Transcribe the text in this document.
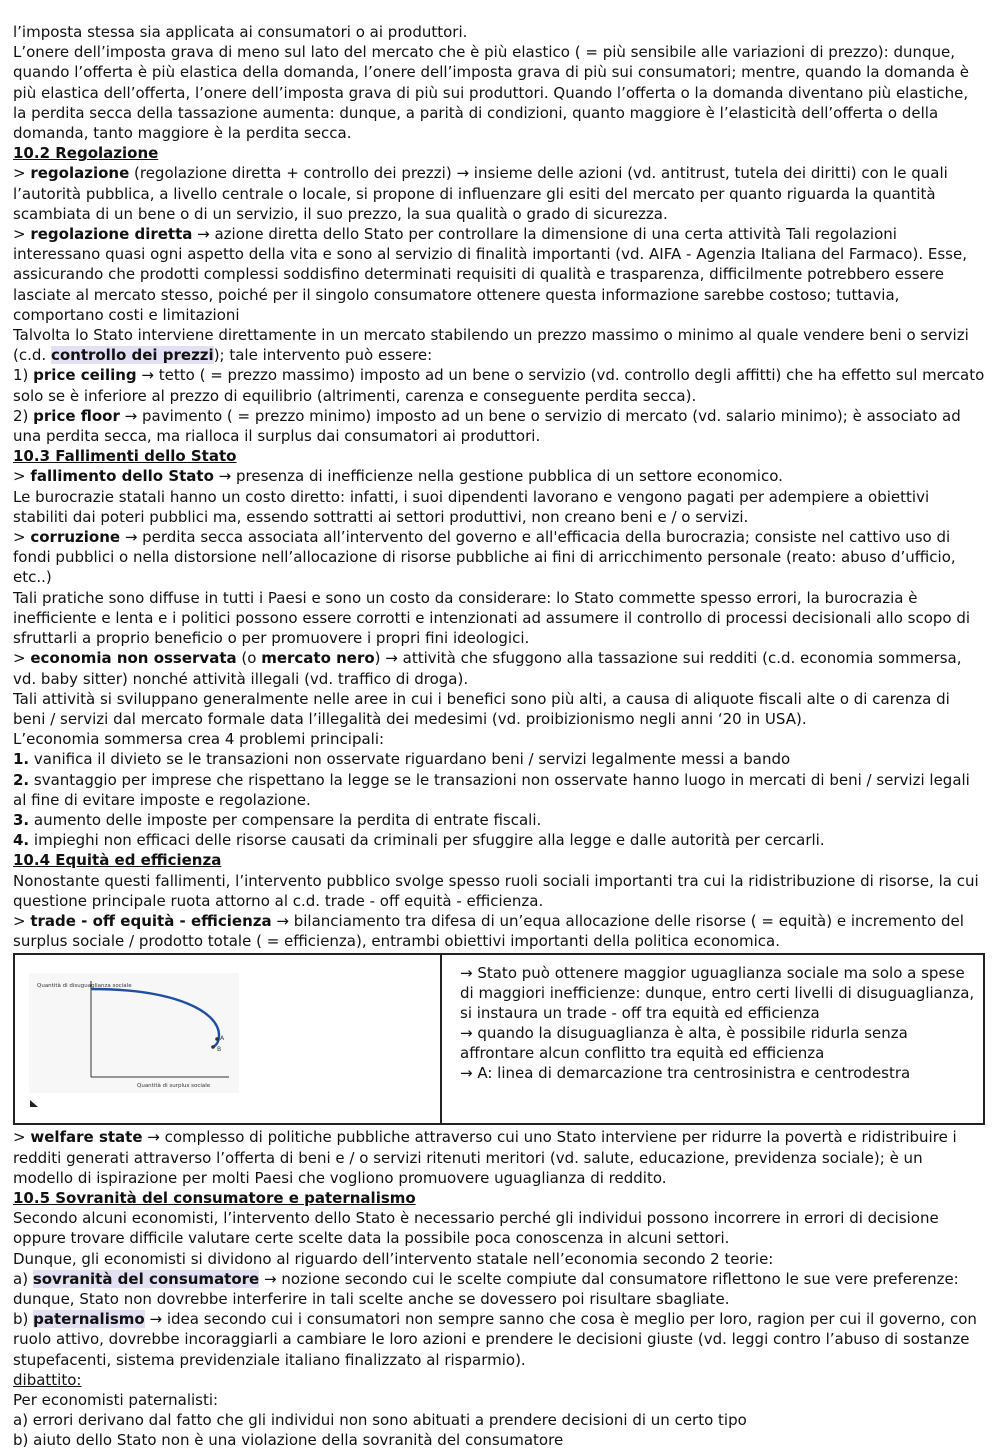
l’imposta stessa sia applicata ai consumatori o ai produttori.

L’onere dell’imposta grava di meno sul lato del mercato che è più elastico ( = più sensibile alle variazioni di prezzo): dunque, quando l’offerta è più elastica della domanda, l’onere dell’imposta grava di più sui consumatori; mentre, quando la domanda è più elastica dell’offerta, l’onere dell’imposta grava di più sui produttori. Quando l’offerta o la domanda diventano più elastiche, la perdita secca della tassazione aumenta: dunque, a parità di condizioni, quanto maggiore è l’elasticità dell’offerta o della domanda, tanto maggiore è la perdita secca.

10.2 Regolazione

> regolazione (regolazione diretta + controllo dei prezzi) → insieme delle azioni (vd. antitrust, tutela dei diritti) con le quali l’autorità pubblica, a livello centrale o locale, si propone di influenzare gli esiti del mercato per quanto riguarda la quantità scambiata di un bene o di un servizio, il suo prezzo, la sua qualità o grado di sicurezza.

> regolazione diretta → azione diretta dello Stato per controllare la dimensione di una certa attività Tali regolazioni interessano quasi ogni aspetto della vita e sono al servizio di finalità importanti (vd. AIFA - Agenzia Italiana del Farmaco). Esse, assicurando che prodotti complessi soddisfino determinati requisiti di qualità e trasparenza, difficilmente potrebbero essere lasciate al mercato stesso, poiché per il singolo consumatore ottenere questa informazione sarebbe costoso; tuttavia, comportano costi e limitazioni

Talvolta lo Stato interviene direttamente in un mercato stabilendo un prezzo massimo o minimo al quale vendere beni o servizi (c.d. controllo dei prezzi); tale intervento può essere:

1) price ceiling → tetto ( = prezzo massimo) imposto ad un bene o servizio (vd. controllo degli affitti) che ha effetto sul mercato solo se è inferiore al prezzo di equilibrio (altrimenti, carenza e conseguente perdita secca).

2) price floor → pavimento ( = prezzo minimo) imposto ad un bene o servizio di mercato (vd. salario minimo); è associato ad una perdita secca, ma rialloca il surplus dai consumatori ai produttori.

10.3 Fallimenti dello Stato

> fallimento dello Stato → presenza di inefficienze nella gestione pubblica di un settore economico.

Le burocrazie statali hanno un costo diretto: infatti, i suoi dipendenti lavorano e vengono pagati per adempiere a obiettivi stabiliti dai poteri pubblici ma, essendo sottratti ai settori produttivi, non creano beni e / o servizi.

> corruzione → perdita secca associata all’intervento del governo e all'efficacia della burocrazia; consiste nel cattivo uso di fondi pubblici o nella distorsione nell’allocazione di risorse pubbliche ai fini di arricchimento personale (reato: abuso d’ufficio, etc..)

Tali pratiche sono diffuse in tutti i Paesi e sono un costo da considerare: lo Stato commette spesso errori, la burocrazia è inefficiente e lenta e i politici possono essere corrotti e intenzionati ad assumere il controllo di processi decisionali allo scopo di sfruttarli a proprio beneficio o per promuovere i propri fini ideologici.

> economia non osservata (o mercato nero) → attività che sfuggono alla tassazione sui redditi (c.d. economia sommersa, vd. baby sitter) nonché attività illegali (vd. traffico di droga).

Tali attività si sviluppano generalmente nelle aree in cui i benefici sono più alti, a causa di aliquote fiscali alte o di carenza di beni / servizi dal mercato formale data l’illegalità dei medesimi (vd. proibizionismo negli anni ‘20 in USA).

L’economia sommersa crea 4 problemi principali:

1. vanifica il divieto se le transazioni non osservate riguardano beni / servizi legalmente messi a bando

2. svantaggio per imprese che rispettano la legge se le transazioni non osservate hanno luogo in mercati di beni / servizi legali al fine di evitare imposte e regolazione.

3. aumento delle imposte per compensare la perdita di entrate fiscali.

4. impieghi non efficaci delle risorse causati da criminali per sfuggire alla legge e dalle autorità per cercarli.

10.4 Equità ed efficienza

Nonostante questi fallimenti, l’intervento pubblico svolge spesso ruoli sociali importanti tra cui la ridistribuzione di risorse, la cui questione principale ruota attorno al c.d. trade - off equità - efficienza.

> trade - off equità - efficienza → bilanciamento tra difesa di un’equa allocazione delle risorse ( = equità) e incremento del surplus sociale / prodotto totale ( = efficienza), entrambi obiettivi importanti della politica economica.

A
B
Quantità di disuguaglianza sociale
Quantità di surplus sociale

→ Stato può ottenere maggior uguaglianza sociale ma solo a spese di maggiori inefficienze: dunque, entro certi livelli di disuguaglianza, si instaura un trade - off tra equità ed efficienza

→ quando la disuguaglianza è alta, è possibile ridurla senza affrontare alcun conflitto tra equità ed efficienza

→ A: linea di demarcazione tra centrosinistra e centrodestra

> welfare state → complesso di politiche pubbliche attraverso cui uno Stato interviene per ridurre la povertà e ridistribuire i redditi generati attraverso l’offerta di beni e / o servizi ritenuti meritori (vd. salute, educazione, previdenza sociale); è un modello di ispirazione per molti Paesi che vogliono promuovere uguaglianza di reddito.

10.5 Sovranità del consumatore e paternalismo

Secondo alcuni economisti, l’intervento dello Stato è necessario perché gli individui possono incorrere in errori di decisione oppure trovare difficile valutare certe scelte data la possibile poca conoscenza in alcuni settori.

Dunque, gli economisti si dividono al riguardo dell’intervento statale nell’economia secondo 2 teorie:

a) sovranità del consumatore → nozione secondo cui le scelte compiute dal consumatore riflettono le sue vere preferenze: dunque, Stato non dovrebbe interferire in tali scelte anche se dovessero poi risultare sbagliate.

b) paternalismo → idea secondo cui i consumatori non sempre sanno che cosa è meglio per loro, ragion per cui il governo, con ruolo attivo, dovrebbe incoraggiarli a cambiare le loro azioni e prendere le decisioni giuste (vd. leggi contro l’abuso di sostanze stupefacenti, sistema previdenziale italiano finalizzato al risparmio).

dibattito:

Per economisti paternalisti:

a) errori derivano dal fatto che gli individui non sono abituati a prendere decisioni di un certo tipo

b) aiuto dello Stato non è una violazione della sovranità del consumatore
